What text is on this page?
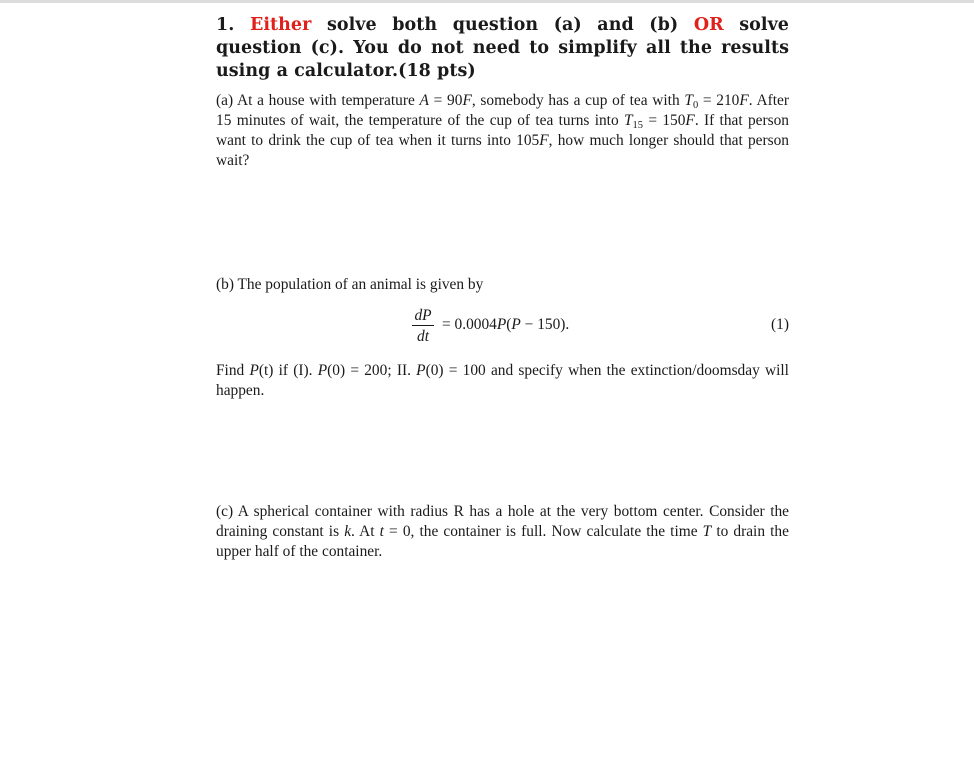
1. Either solve both question (a) and (b) OR solve question (c). You do not need to simplify all the results using a calculator.(18 pts)

(a) At a house with temperature A = 90F, somebody has a cup of tea with $T_0 = 210F$. After 15 minutes of wait, the temperature of the cup of tea turns into $T_{15} = 150F$. If that person want to drink the cup of tea when it turns into 105F, how much longer should that person wait?

(b) The population of an animal is given by

dP
dt
= 0.0004P(P − 150).	(1)

Find P(t) if (I). P(0) = 200; II. P(0) = 100 and specify when the extinction/doomsday will happen.

(c) A spherical container with radius R has a hole at the very bottom center. Consider the draining constant is k. At t = 0, the container is full. Now calculate the time T to drain the upper half of the container.
